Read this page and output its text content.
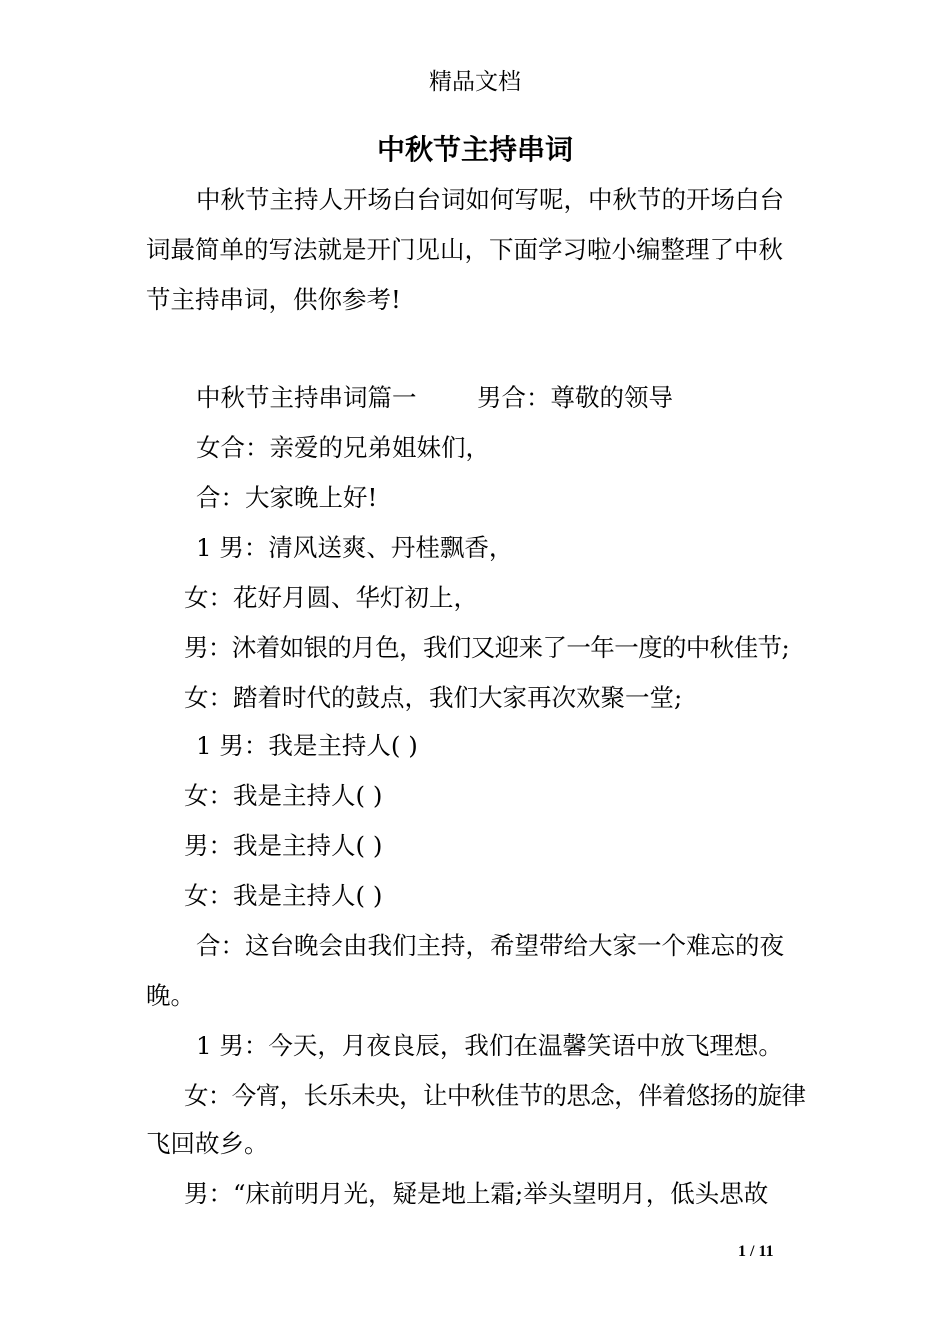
精品文档
中秋节主持串词
中秋节主持人开场白台词如何写呢，中秋节的开场白台
词最简单的写法就是开门见山，下面学习啦小编整理了中秋
节主持串词，供你参考!
中秋节主持串词篇一 男合：尊敬的领导
女合：亲爱的兄弟姐妹们，
合：大家晚上好!
1 男：清风送爽、丹桂飘香，
女：花好月圆、华灯初上，
男：沐着如银的月色，我们又迎来了一年一度的中秋佳节;
女：踏着时代的鼓点，我们大家再次欢聚一堂;
1 男：我是主持人( )
女：我是主持人( )
男：我是主持人( )
女：我是主持人( )
合：这台晚会由我们主持，希望带给大家一个难忘的夜
晚。
1 男：今天，月夜良辰，我们在温馨笑语中放飞理想。
女：今宵，长乐未央，让中秋佳节的思念，伴着悠扬的旋律
飞回故乡。
男：“床前明月光，疑是地上霜;举头望明月，低头思故
1 / 11
